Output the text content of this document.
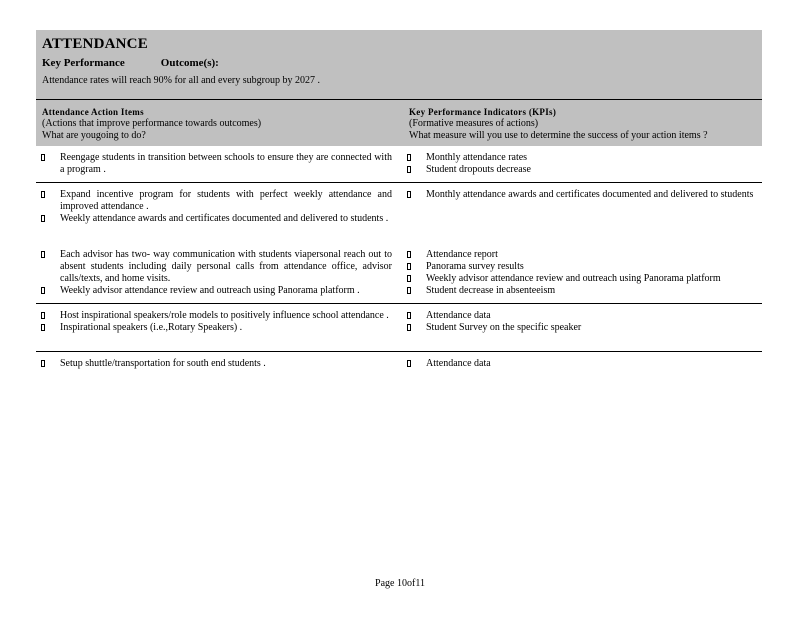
ATTENDANCE
Key Performance	Outcome(s):
Attendance rates will reach 90% for all and every subgroup by 2027 .
Attendance Action Items
(Actions that improve performance towards outcomes)
What are yougoing to do?
Key Performance Indicators (KPIs)
(Formative measures of actions)
What measure will you use to determine the success of your action items ?
Reengage students in transition between schools to ensure they are connected with a program .
Monthly attendance rates
Student dropouts decrease
Expand incentive program for students with perfect weekly attendance and improved attendance .
Weekly attendance awards and certificates documented and delivered to students .
Monthly attendance awards and certificates documented and delivered to students
Each advisor has two- way communication with students viapersonal reach out to absent students including daily personal calls from attendance office, advisor calls/texts, and home visits.
Weekly advisor attendance review and outreach using Panorama platform .
Attendance report
Panorama survey results
Weekly advisor attendance review and outreach using Panorama platform
Student decrease in absenteeism
Host inspirational speakers/role models to positively influence school attendance .
Inspirational speakers (i.e.,Rotary Speakers) .
Attendance data
Student Survey on the specific speaker
Setup shuttle/transportation for south end students .	Attendance data
Page 10of11
